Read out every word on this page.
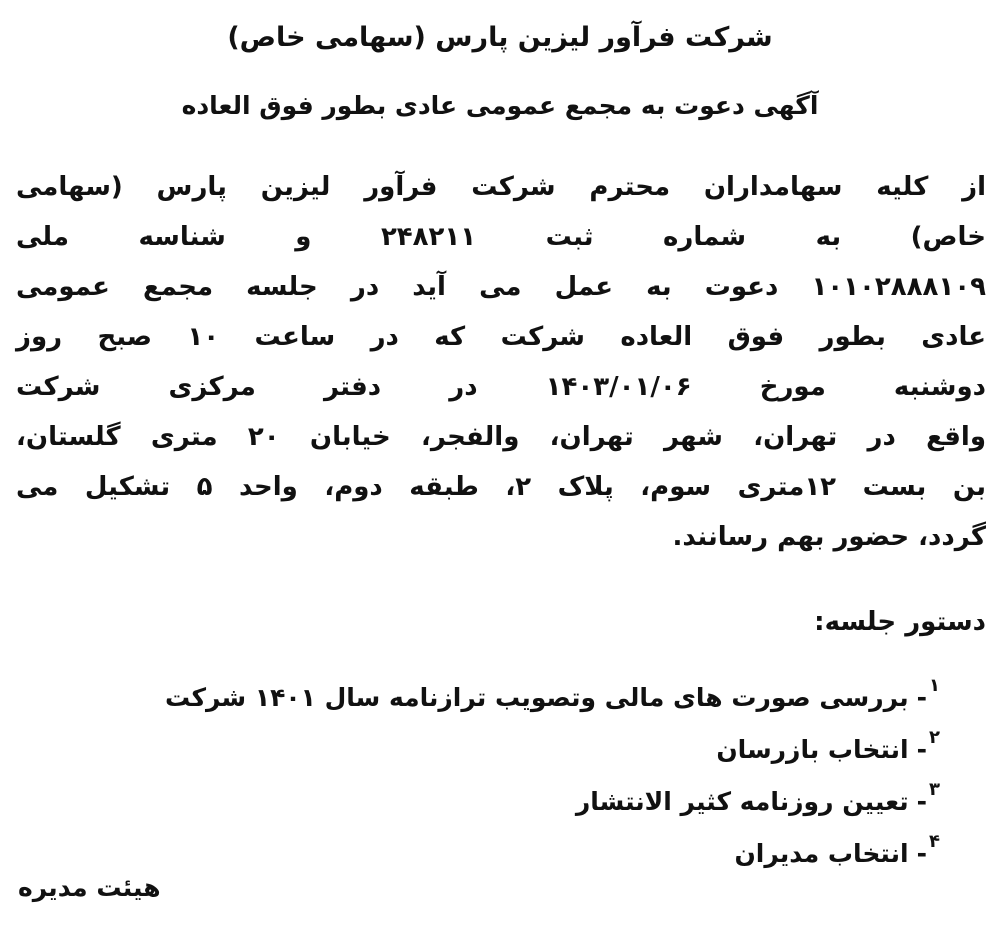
شرکت فرآور لیزین پارس (سهامی خاص)
آگهی دعوت به مجمع عمومی عادی بطور فوق العاده
از کلیه سهامداران محترم شرکت فرآور لیزین پارس (سهامی
خاص) به شماره ثبت ۲۴۸۲۱۱ و شناسه ملی
۱۰۱۰۲۸۸۸۱۰۹ دعوت به عمل می آید در جلسه مجمع عمومی
عادی بطور فوق العاده شرکت که در ساعت ۱۰ صبح روز
دوشنبه مورخ ۱۴۰۳/۰۱/۰۶ در دفتر مرکزی شرکت
واقع در تهران، شهر تهران، والفجر، خیابان ۲۰ متری گلستان،
بن بست ۱۲متری سوم، پلاک ۲، طبقه دوم، واحد ۵ تشکیل می
گردد، حضور بهم رسانند.
دستور جلسه:
۱-بررسی صورت های مالی وتصویب ترازنامه سال ۱۴۰۱ شرکت
۲-انتخاب بازرسان
۳-تعیین روزنامه کثیر الانتشار
۴-انتخاب مدیران
هیئت مدیره
